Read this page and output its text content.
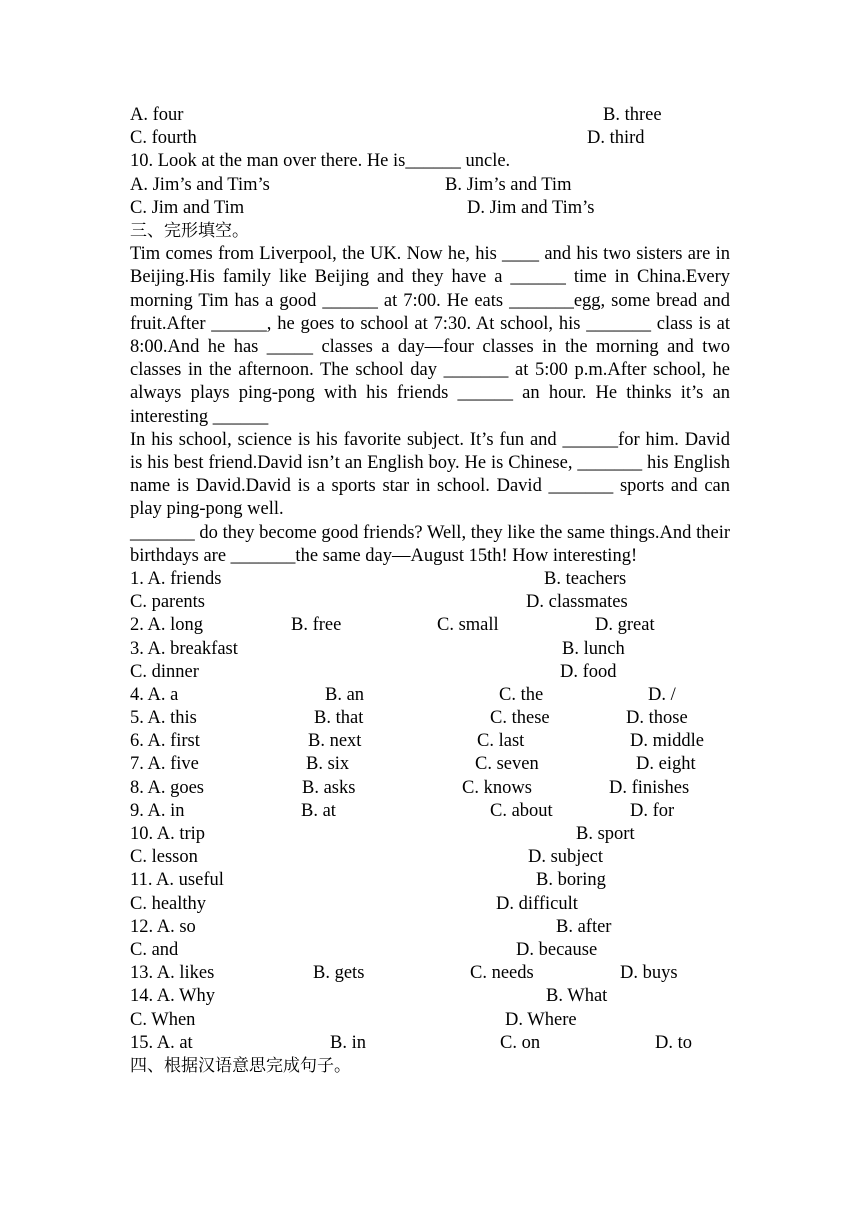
A. four	B. three
C. fourth	D. third
10. Look at the man over there. He is______ uncle.
A. Jim’s and Tim’s	B. Jim’s and Tim
C. Jim and Tim	D. Jim and Tim’s
三、完形填空。

Tim comes from Liverpool, the UK. Now he, his ____ and his two sisters are in Beijing.His family like Beijing and they have a ______ time in China.Every morning Tim has a good ______ at 7:00. He eats _______egg, some bread and fruit.After ______, he goes to school at 7:30. At school, his _______ class is at 8:00.And he has _____ classes a day—four classes in the morning and two classes in the afternoon. The school day _______ at 5:00 p.m.After school, he always plays ping-pong with his friends ______ an hour. He thinks it’s an interesting ______

In his school, science is his favorite subject. It’s fun and ______for him. David is his best friend.David isn’t an English boy. He is Chinese, _______ his English name is David.David is a sports star in school. David _______ sports and can play ping-pong well.

_______ do they become good friends? Well, they like the same things.And their birthdays are _______the same day—August 15th! How interesting!

1. A. friends	B. teachers
C. parents	D. classmates
2. A. long	B. free	C. small	D. great
3. A. breakfast	B. lunch
C. dinner	D. food
4. A. a	B. an	C. the	D. /
5. A. this	B. that	C. these	D. those
6. A. first	B. next	C. last	D. middle
7. A. five	B. six	C. seven	D. eight
8. A. goes	B. asks	C. knows	D. finishes
9. A. in	B. at	C. about	D. for
10. A. trip	B. sport
C. lesson	D. subject
11. A. useful	B. boring
C. healthy	D. difficult
12. A. so	B. after
C. and	D. because
13. A. likes	B. gets	C. needs	D. buys
14. A. Why	B. What
C. When	D. Where
15. A. at	B. in	C. on	D. to
四、根据汉语意思完成句子。
